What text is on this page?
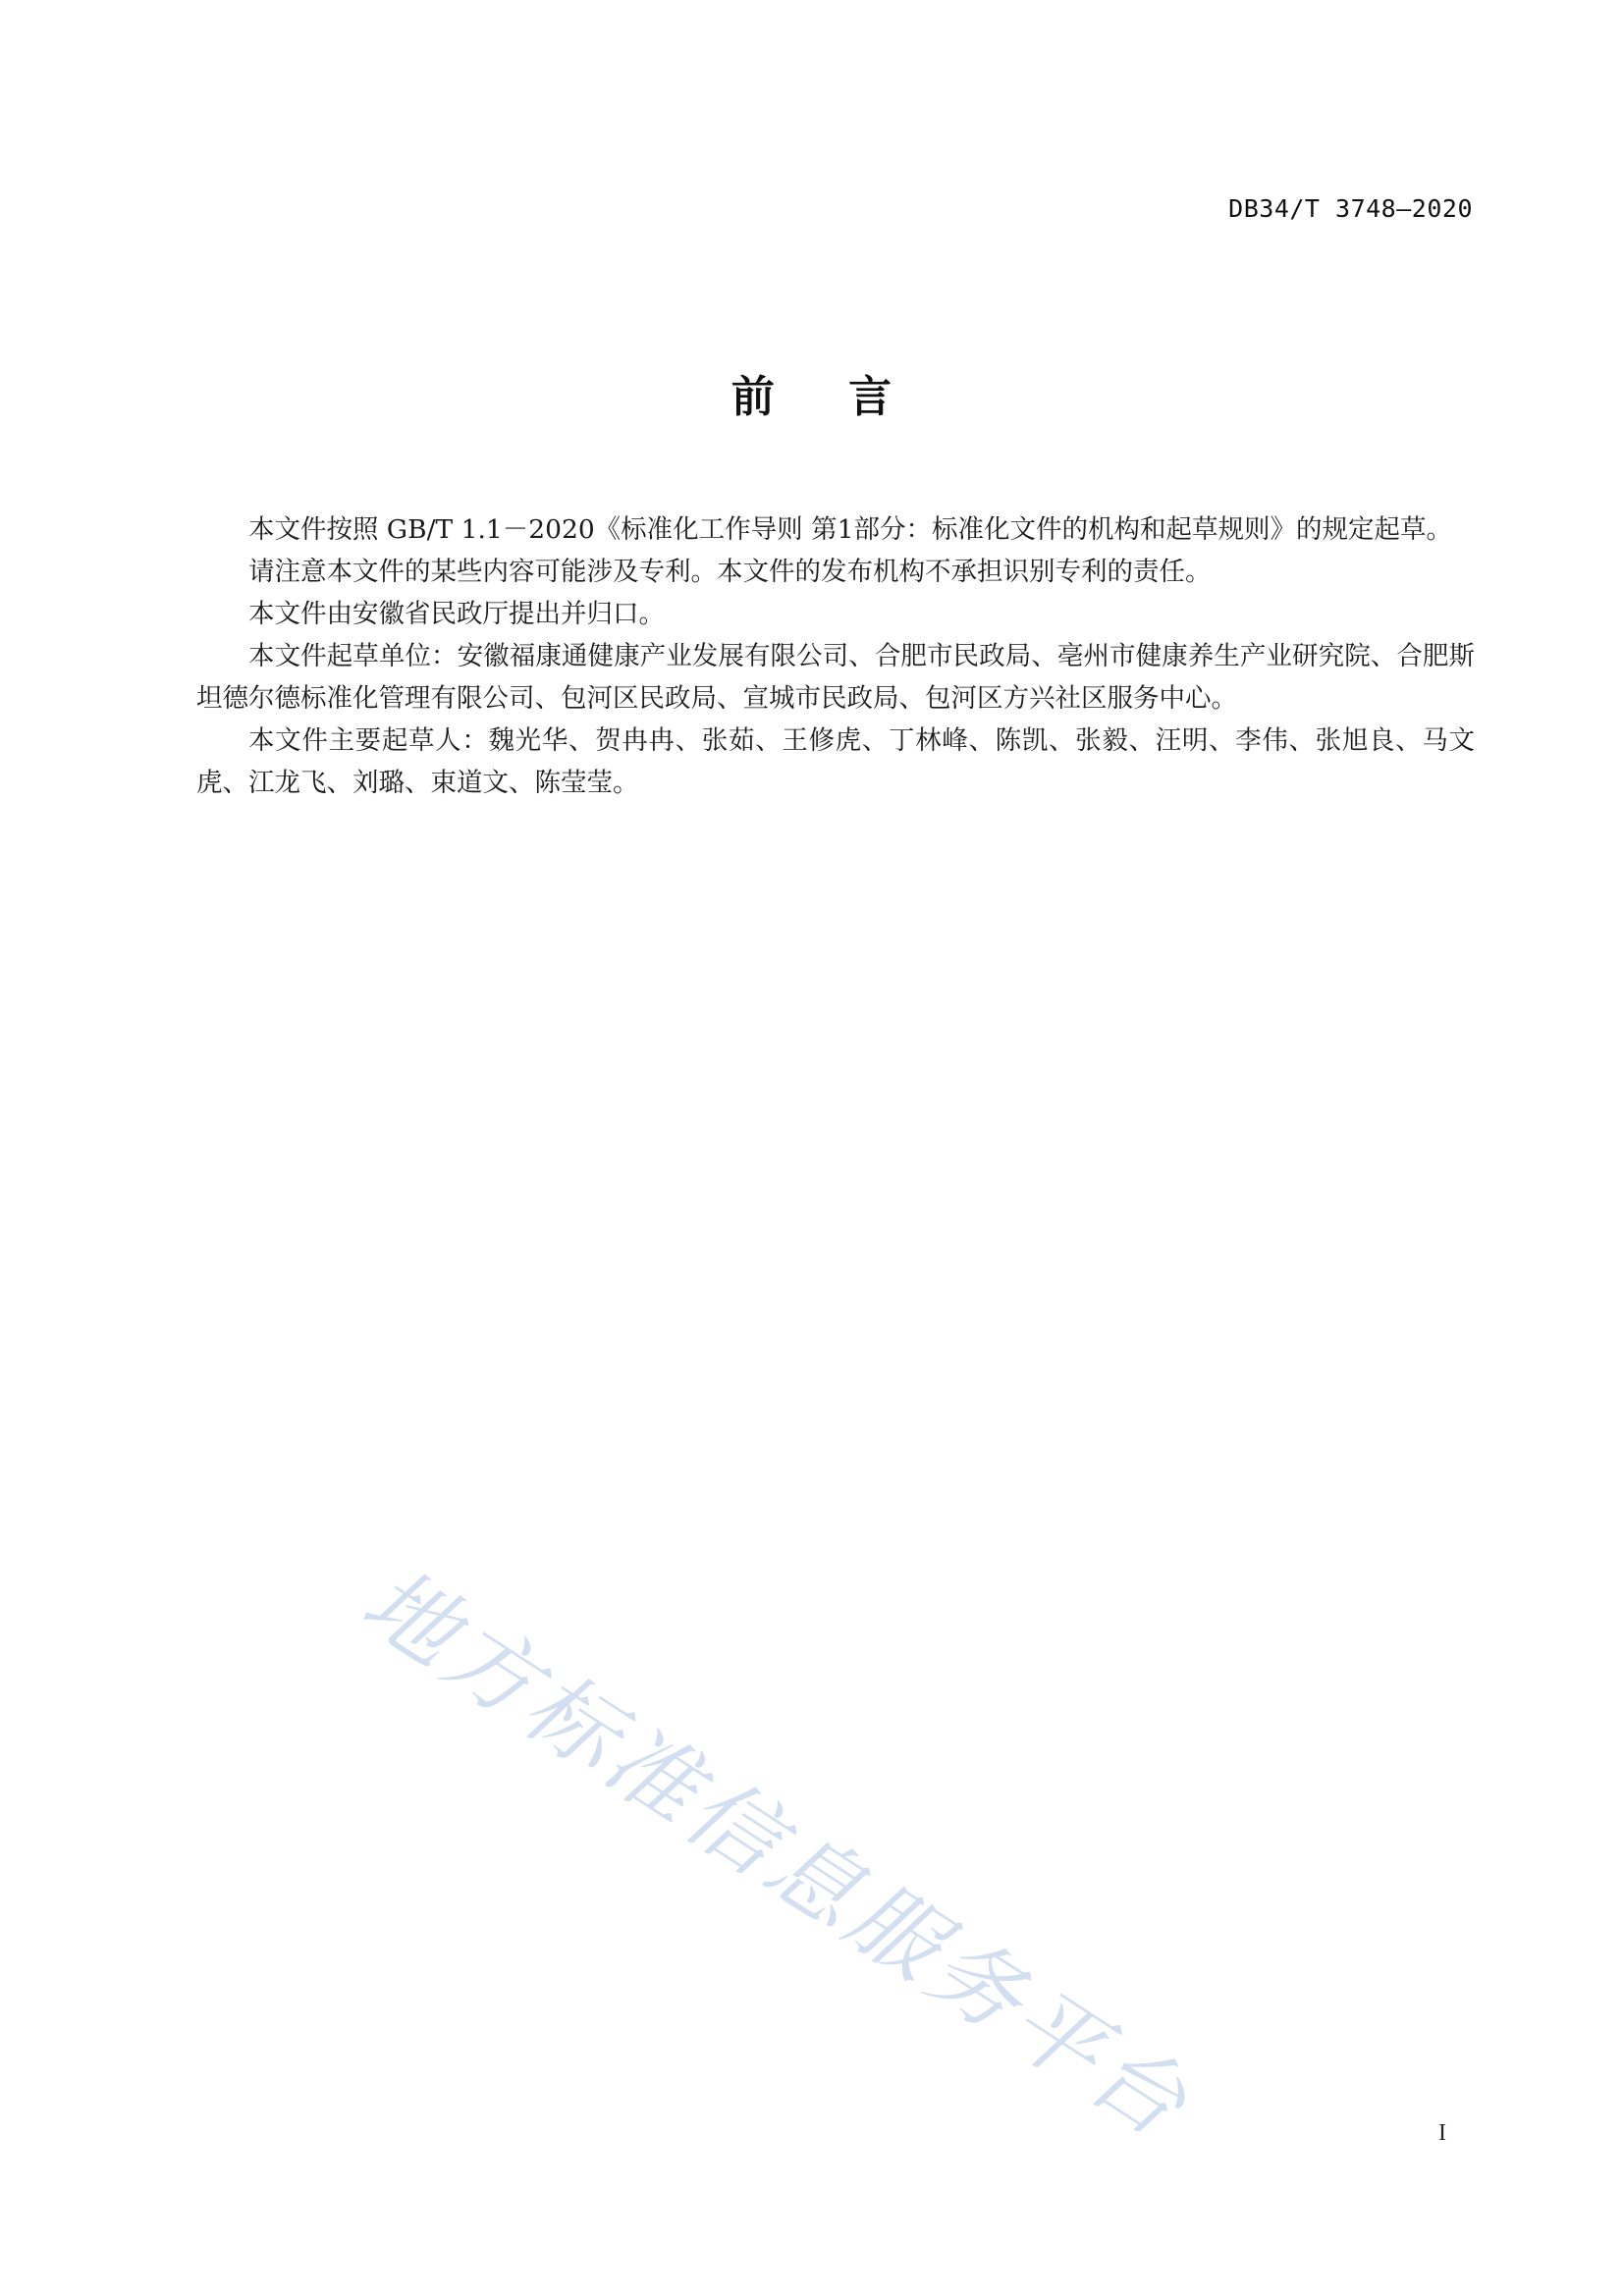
DB34/T 3748—2020
前 言

本文件按照 GB/T 1.1－2020《标准化工作导则 第1部分：标准化文件的机构和起草规则》的规定起草。

请注意本文件的某些内容可能涉及专利。本文件的发布机构不承担识别专利的责任。

本文件由安徽省民政厅提出并归口。

本文件起草单位：安徽福康通健康产业发展有限公司、合肥市民政局、亳州市健康养生产业研究院、合肥斯坦德尔德标准化管理有限公司、包河区民政局、宣城市民政局、包河区方兴社区服务中心。

本文件主要起草人：魏光华、贺冉冉、张茹、王修虎、丁林峰、陈凯、张毅、汪明、李伟、张旭良、马文虎、江龙飞、刘璐、束道文、陈莹莹。

地方标准信息服务平台	I
